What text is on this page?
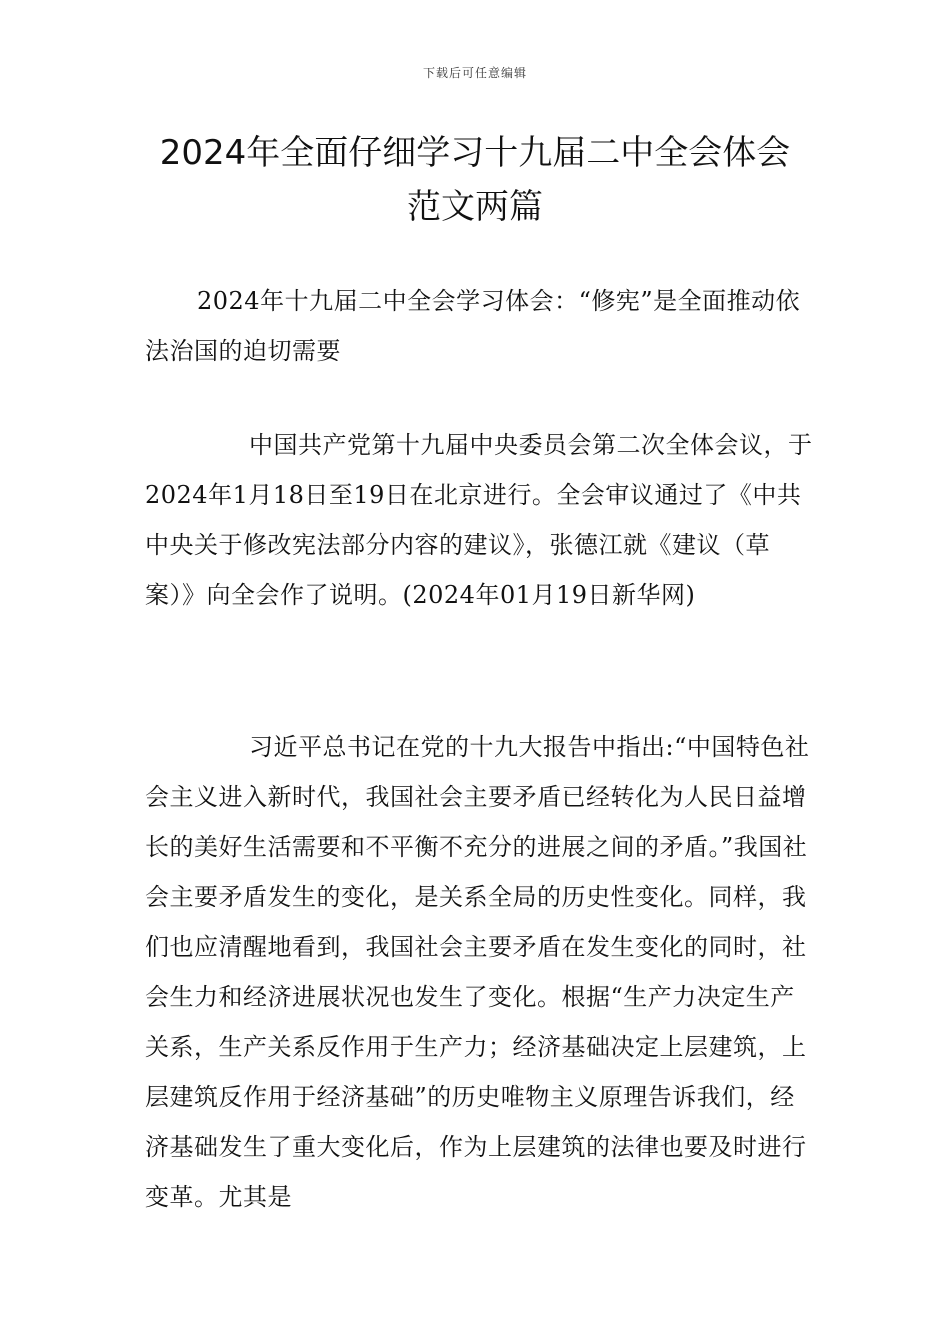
下载后可任意编辑
2024年全面仔细学习十九届二中全会体会
范文两篇

2024年十九届二中全会学习体会：“修宪”是全面推动依法治国的迫切需要

中国共产党第十九届中央委员会第二次全体会议，于2024年1月18日至19日在北京进行。全会审议通过了《中共中央关于修改宪法部分内容的建议》，张德江就《建议（草案）》向全会作了说明。(2024年01月19日新华网)

习近平总书记在党的十九大报告中指出:“中国特色社会主义进入新时代，我国社会主要矛盾已经转化为人民日益增长的美好生活需要和不平衡不充分的进展之间的矛盾。”我国社会主要矛盾发生的变化，是关系全局的历史性变化。同样，我们也应清醒地看到，我国社会主要矛盾在发生变化的同时，社会生力和经济进展状况也发生了变化。根据“生产力决定生产关系，生产关系反作用于生产力；经济基础决定上层建筑，上层建筑反作用于经济基础”的历史唯物主义原理告诉我们，经济基础发生了重大变化后，作为上层建筑的法律也要及时进行变革。尤其是
